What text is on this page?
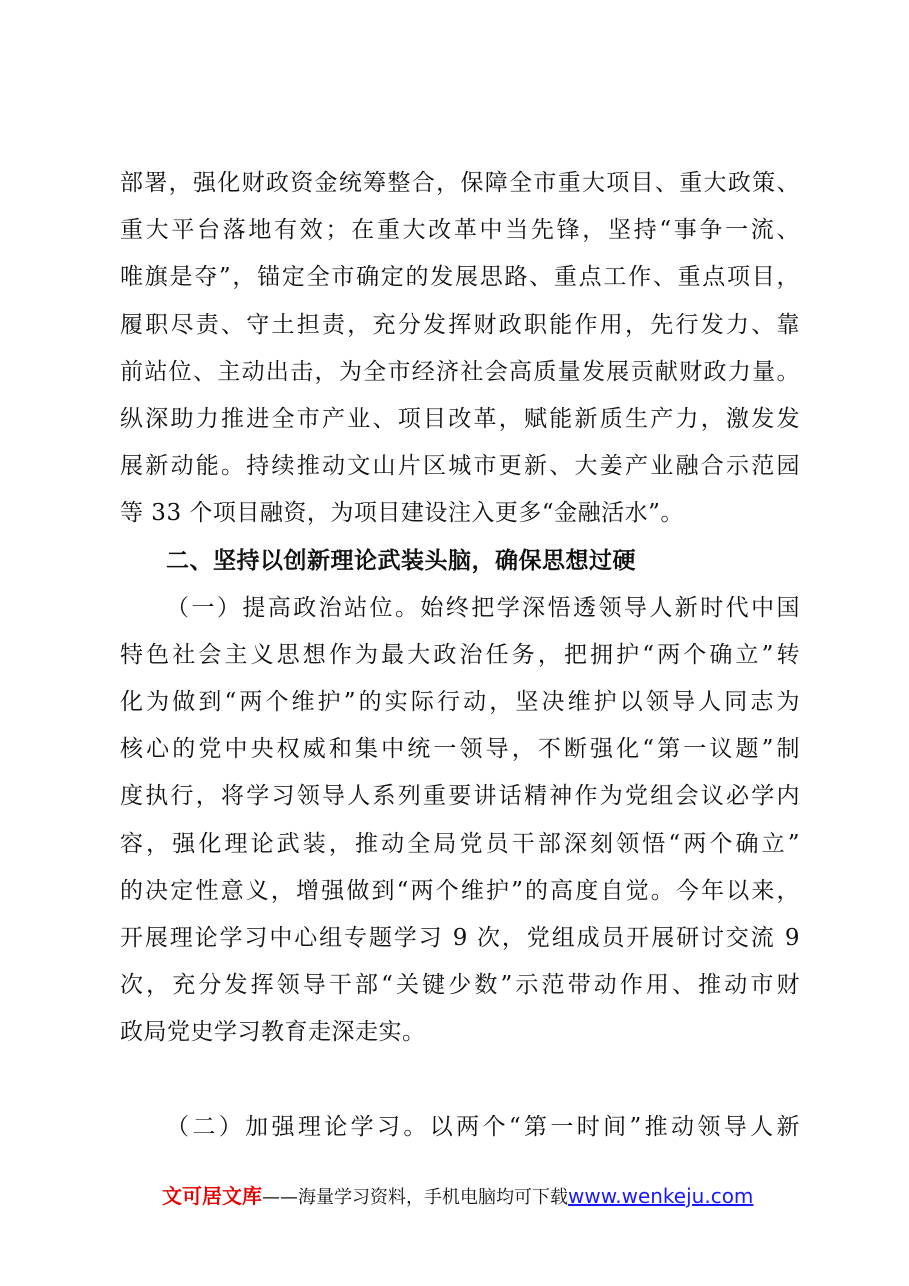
部署，强化财政资金统筹整合，保障全市重大项目、重大政策、
重大平台落地有效；在重大改革中当先锋，坚持“事争一流、
唯旗是夺”，锚定全市确定的发展思路、重点工作、重点项目，
履职尽责、守土担责，充分发挥财政职能作用，先行发力、靠
前站位、主动出击，为全市经济社会高质量发展贡献财政力量。
纵深助力推进全市产业、项目改革，赋能新质生产力，激发发
展新动能。持续推动文山片区城市更新、大姜产业融合示范园
等 33 个项目融资，为项目建设注入更多“金融活水”。
二、坚持以创新理论武装头脑，确保思想过硬
（一）提高政治站位。始终把学深悟透领导人新时代中国
特色社会主义思想作为最大政治任务，把拥护“两个确立”转
化为做到“两个维护”的实际行动，坚决维护以领导人同志为
核心的党中央权威和集中统一领导，不断强化“第一议题”制
度执行，将学习领导人系列重要讲话精神作为党组会议必学内
容，强化理论武装，推动全局党员干部深刻领悟“两个确立”
的决定性意义，增强做到“两个维护”的高度自觉。今年以来，
开展理论学习中心组专题学习 9 次，党组成员开展研讨交流 9
次，充分发挥领导干部“关键少数”示范带动作用、推动市财
政局党史学习教育走深走实。
（二）加强理论学习。以两个“第一时间”推动领导人新
文可居文库——海量学习资料，手机电脑均可下载www.wenkeju.com
